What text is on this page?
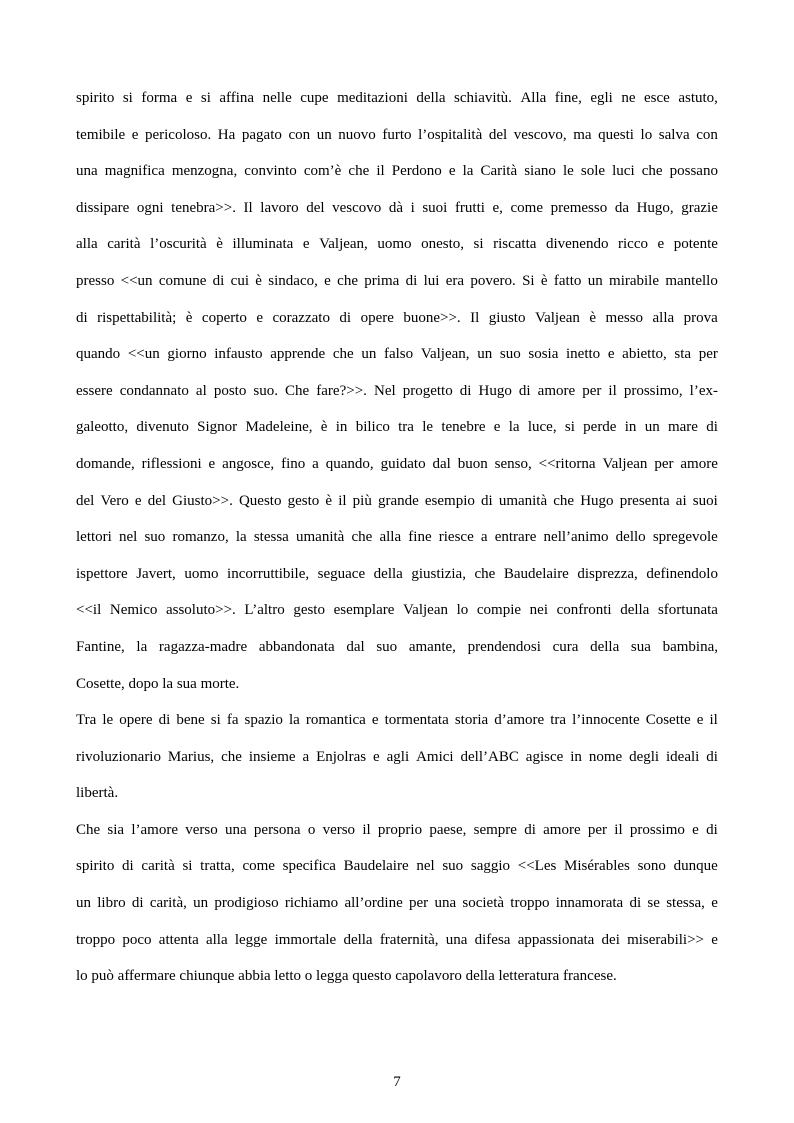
spirito si forma e si affina nelle cupe meditazioni della schiavitù. Alla fine, egli ne esce astuto,
temibile e pericoloso. Ha pagato con un nuovo furto l’ospitalità del vescovo, ma questi lo salva con
una magnifica menzogna, convinto com’è che il Perdono e la Carità siano le sole luci che possano
dissipare ogni tenebra>>. Il lavoro del vescovo dà i suoi frutti e, come premesso da Hugo, grazie
alla carità l’oscurità è illuminata e Valjean, uomo onesto, si riscatta divenendo ricco e potente
presso <<un comune di cui è sindaco, e che prima di lui era povero. Si è fatto un mirabile mantello
di rispettabilità; è coperto e corazzato di opere buone>>. Il giusto Valjean è messo alla prova
quando <<un giorno infausto apprende che un falso Valjean, un suo sosia inetto e abietto, sta per
essere condannato al posto suo. Che fare?>>. Nel progetto di Hugo di amore per il prossimo, l’ex-
galeotto, divenuto Signor Madeleine, è in bilico tra le tenebre e la luce, si perde in un mare di
domande, riflessioni e angosce, fino a quando, guidato dal buon senso, <<ritorna Valjean per amore
del Vero e del Giusto>>. Questo gesto è il più grande esempio di umanità che Hugo presenta ai suoi
lettori nel suo romanzo, la stessa umanità che alla fine riesce a entrare nell’animo dello spregevole
ispettore Javert, uomo incorruttibile, seguace della giustizia, che Baudelaire disprezza, definendolo
<<il Nemico assoluto>>. L’altro gesto esemplare Valjean lo compie nei confronti della sfortunata
Fantine, la ragazza-madre abbandonata dal suo amante, prendendosi cura della sua bambina,
Cosette, dopo la sua morte.
Tra le opere di bene si fa spazio la romantica e tormentata storia d’amore tra l’innocente Cosette e il
rivoluzionario Marius, che insieme a Enjolras e agli Amici dell’ABC agisce in nome degli ideali di
libertà.
Che sia l’amore verso una persona o verso il proprio paese, sempre di amore per il prossimo e di
spirito di carità si tratta, come specifica Baudelaire nel suo saggio <<Les Misérables sono dunque
un libro di carità, un prodigioso richiamo all’ordine per una società troppo innamorata di se stessa, e
troppo poco attenta alla legge immortale della fraternità, una difesa appassionata dei miserabili>> e
lo può affermare chiunque abbia letto o legga questo capolavoro della letteratura francese.
7
